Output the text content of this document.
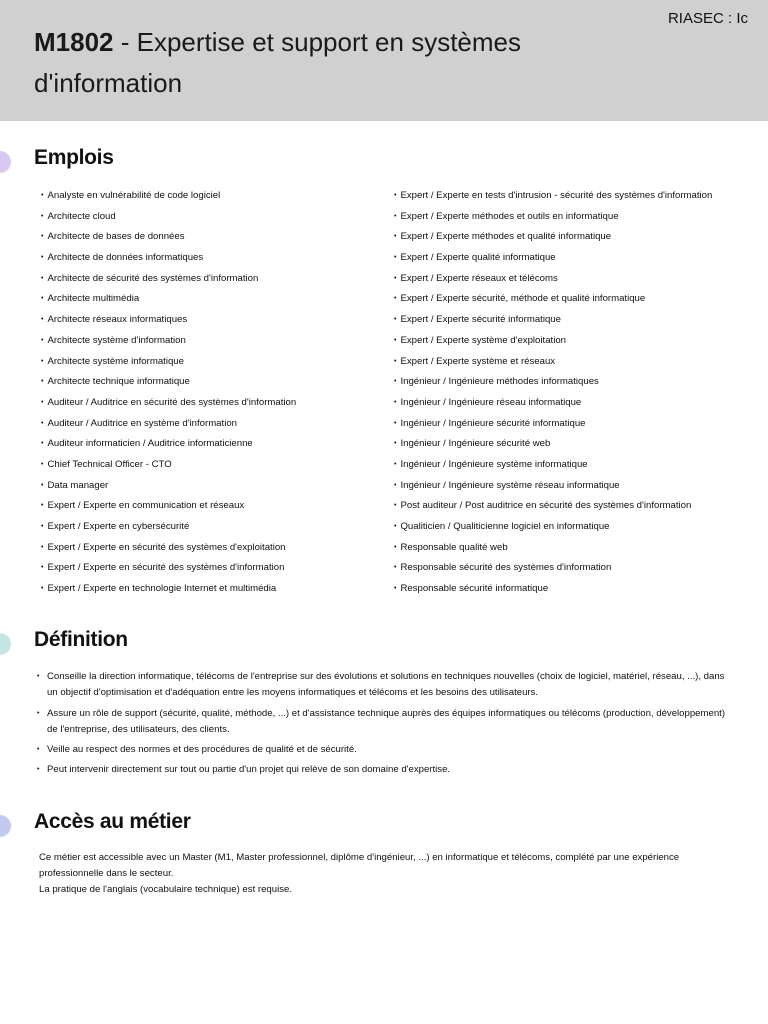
RIASEC : Ic
M1802 - Expertise et support en systèmes d'information
Emplois
• Analyste en vulnérabilité de code logiciel
• Architecte cloud
• Architecte de bases de données
• Architecte de données informatiques
• Architecte de sécurité des systèmes d'information
• Architecte multimédia
• Architecte réseaux informatiques
• Architecte système d'information
• Architecte système informatique
• Architecte technique informatique
• Auditeur / Auditrice en sécurité des systèmes d'information
• Auditeur / Auditrice en système d'information
• Auditeur informaticien / Auditrice informaticienne
• Chief Technical Officer - CTO
• Data manager
• Expert / Experte en communication et réseaux
• Expert / Experte en cybersécurité
• Expert / Experte en sécurité des systèmes d'exploitation
• Expert / Experte en sécurité des systèmes d'information
• Expert / Experte en technologie Internet et multimédia
• Expert / Experte en tests d'intrusion - sécurité des systèmes d'information
• Expert / Experte méthodes et outils en informatique
• Expert / Experte méthodes et qualité informatique
• Expert / Experte qualité informatique
• Expert / Experte réseaux et télécoms
• Expert / Experte sécurité, méthode et qualité informatique
• Expert / Experte sécurité informatique
• Expert / Experte système d'exploitation
• Expert / Experte système et réseaux
• Ingénieur / Ingénieure méthodes informatiques
• Ingénieur / Ingénieure réseau informatique
• Ingénieur / Ingénieure sécurité informatique
• Ingénieur / Ingénieure sécurité web
• Ingénieur / Ingénieure système informatique
• Ingénieur / Ingénieure système réseau informatique
• Post auditeur / Post auditrice en sécurité des systèmes d'information
• Qualiticien / Qualiticienne logiciel en informatique
• Responsable qualité web
• Responsable sécurité des systèmes d'information
• Responsable sécurité informatique
Définition
• Conseille la direction informatique, télécoms de l'entreprise sur des évolutions et solutions en techniques nouvelles (choix de logiciel, matériel, réseau, ...), dans un objectif d'optimisation et d'adéquation entre les moyens informatiques et télécoms et les besoins des utilisateurs.
• Assure un rôle de support (sécurité, qualité, méthode, ...) et d'assistance technique auprès des équipes informatiques ou télécoms (production, développement) de l'entreprise, des utilisateurs, des clients.
• Veille au respect des normes et des procédures de qualité et de sécurité.
• Peut intervenir directement sur tout ou partie d'un projet qui relève de son domaine d'expertise.
Accès au métier

Ce métier est accessible avec un Master (M1, Master professionnel, diplôme d'ingénieur, ...) en informatique et télécoms, complété par une expérience professionnelle dans le secteur.

La pratique de l'anglais (vocabulaire technique) est requise.
